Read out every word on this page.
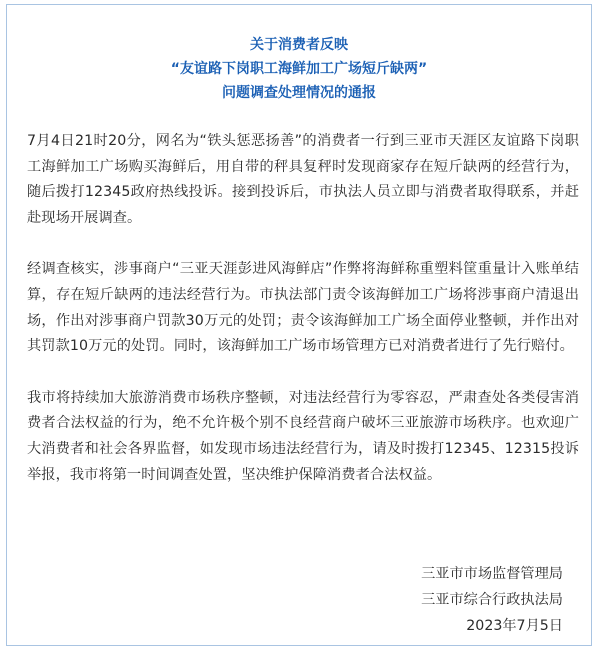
关于消费者反映
“友谊路下岗职工海鲜加工广场短斤缺两”
问题调查处理情况的通报

7月4日21时20分，网名为“铁头惩恶扬善”的消费者一行到三亚市天涯区友谊路下岗职工海鲜加工广场购买海鲜后，用自带的秤具复秤时发现商家存在短斤缺两的经营行为，随后拨打12345政府热线投诉。接到投诉后，市执法人员立即与消费者取得联系，并赶赴现场开展调查。

经调查核实，涉事商户“三亚天涯彭进风海鲜店”作弊将海鲜称重塑料筐重量计入账单结算，存在短斤缺两的违法经营行为。市执法部门责令该海鲜加工广场将涉事商户清退出场，作出对涉事商户罚款30万元的处罚；责令该海鲜加工广场全面停业整顿，并作出对其罚款10万元的处罚。同时，该海鲜加工广场市场管理方已对消费者进行了先行赔付。

我市将持续加大旅游消费市场秩序整顿，对违法经营行为零容忍，严肃查处各类侵害消费者合法权益的行为，绝不允许极个别不良经营商户破坏三亚旅游市场秩序。也欢迎广大消费者和社会各界监督，如发现市场违法经营行为，请及时拨打12345、12315投诉举报，我市将第一时间调查处置，坚决维护保障消费者合法权益。

三亚市市场监督管理局
三亚市综合行政执法局
2023年7月5日
